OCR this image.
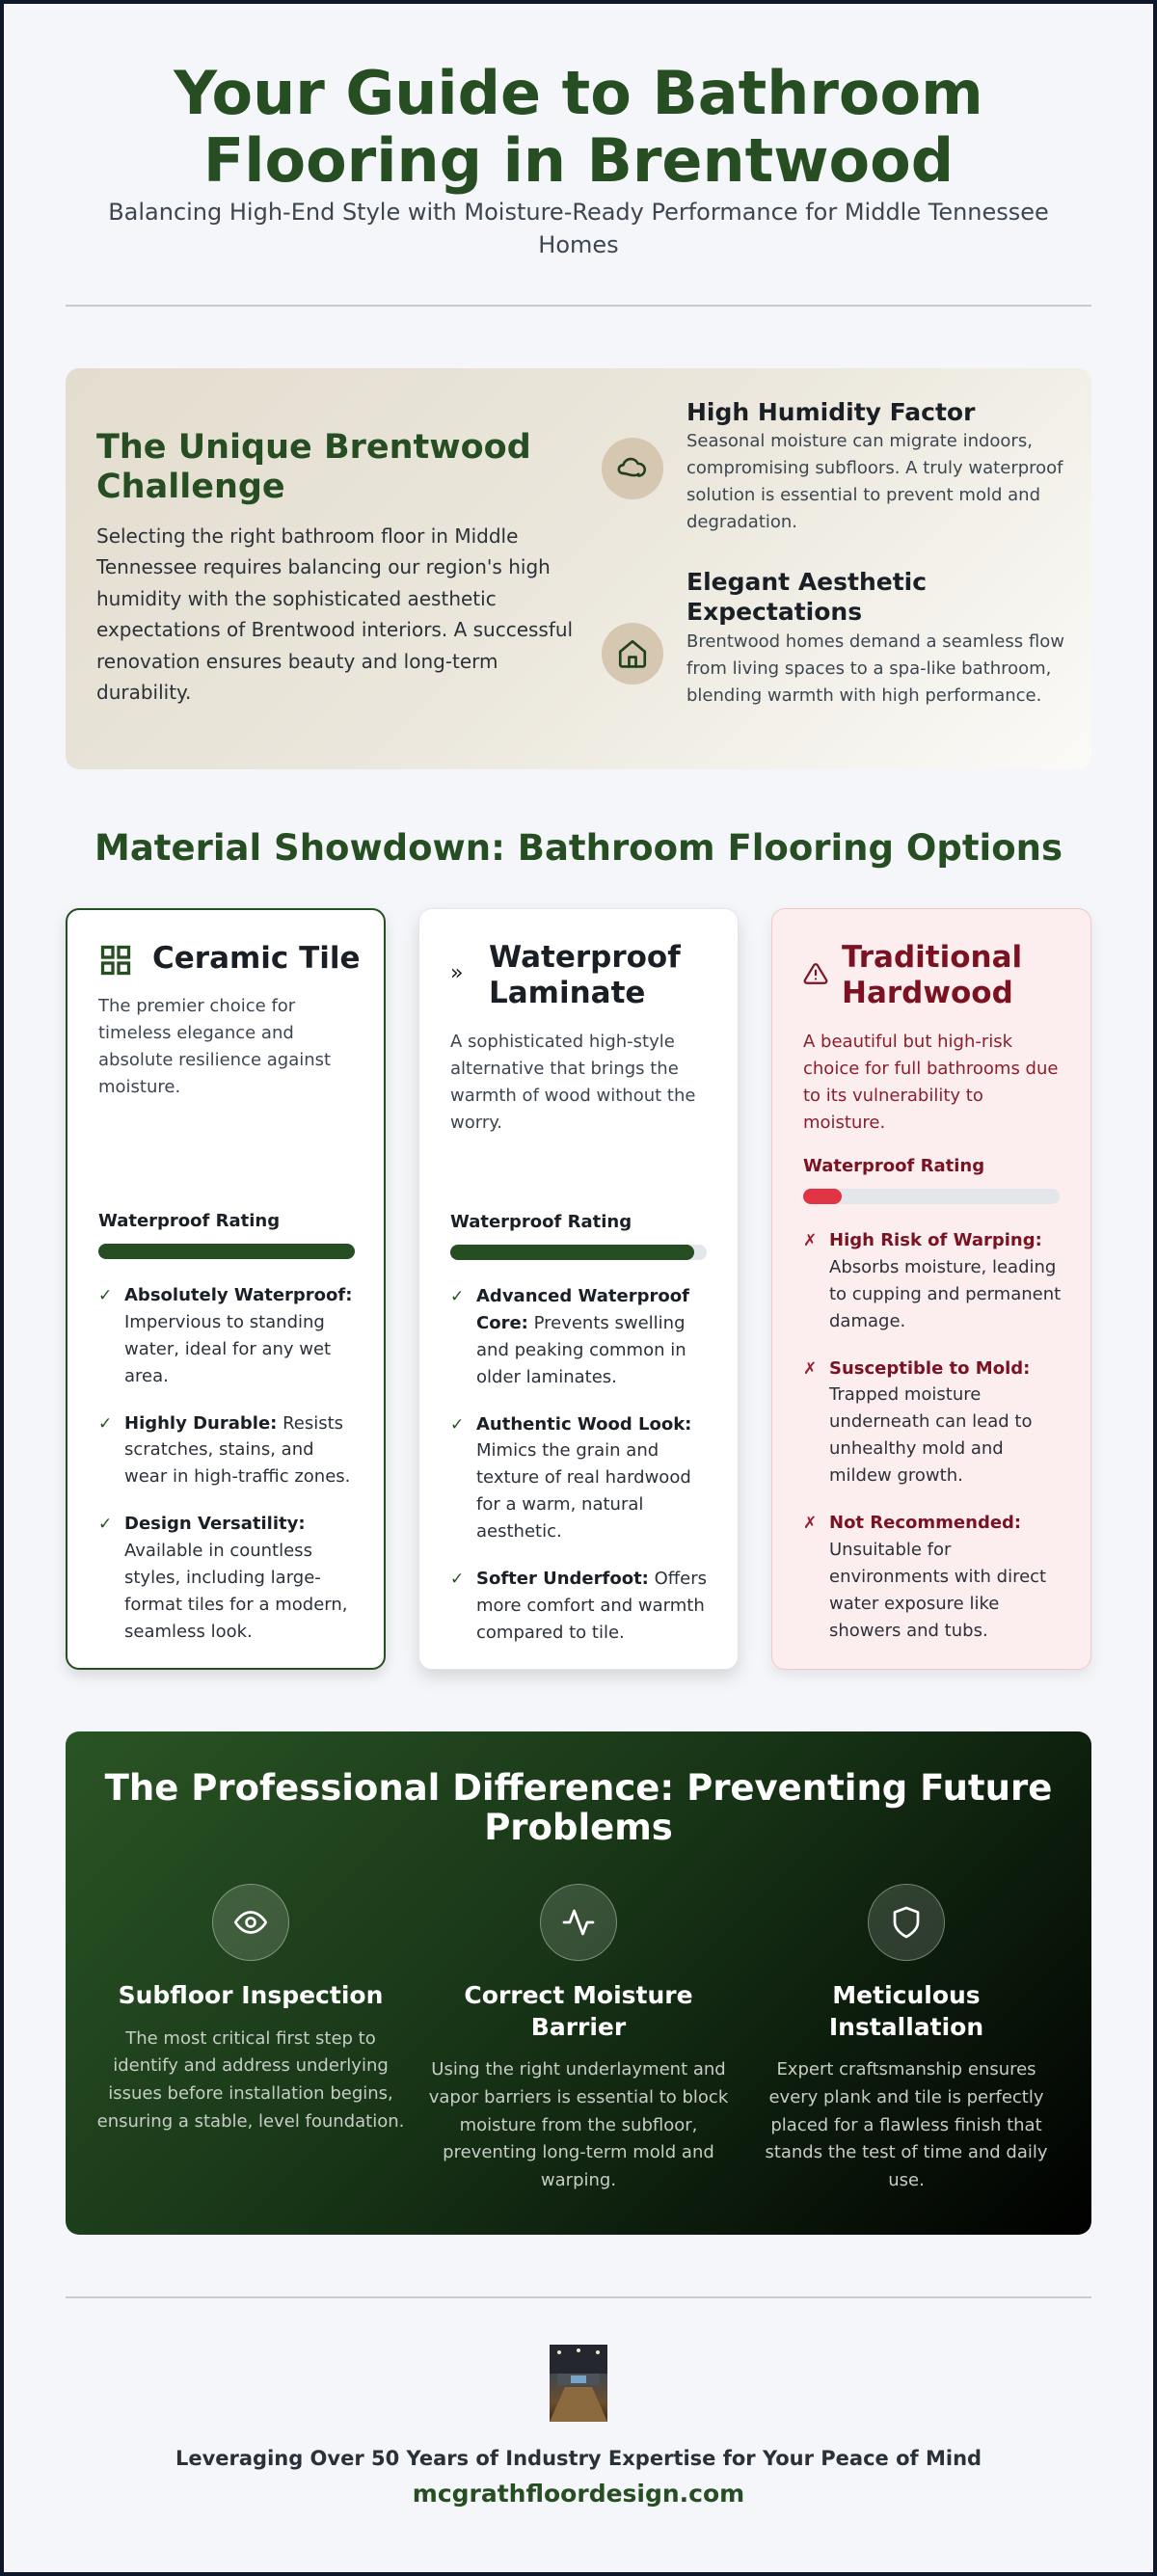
Your Guide to Bathroom
Flooring in Brentwood

Balancing High-End Style with Moisture-Ready Performance for Middle Tennessee Homes

The Unique Brentwood Challenge

Selecting the right bathroom floor in Middle Tennessee requires balancing our region's high humidity with the sophisticated aesthetic expectations of Brentwood interiors. A successful renovation ensures beauty and long-term durability.

High Humidity Factor

Seasonal moisture can migrate indoors, compromising subfloors. A truly waterproof solution is essential to prevent mold and degradation.

Elegant Aesthetic Expectations

Brentwood homes demand a seamless flow from living spaces to a spa-like bathroom, blending warmth with high performance.

Material Showdown: Bathroom Flooring Options
Ceramic Tile

The premier choice for timeless elegance and absolute resilience against moisture.

Waterproof Rating
✓ Absolutely Waterproof: Impervious to standing water, ideal for any wet area.
✓ Highly Durable: Resists scratches, stains, and wear in high-traffic zones.
✓ Design Versatility: Available in countless styles, including large-format tiles for a modern, seamless look.
» Waterproof Laminate

A sophisticated high-style alternative that brings the warmth of wood without the worry.

Waterproof Rating
✓ Advanced Waterproof Core: Prevents swelling and peaking common in older laminates.
✓ Authentic Wood Look: Mimics the grain and texture of real hardwood for a warm, natural aesthetic.
✓ Softer Underfoot: Offers more comfort and warmth compared to tile.
Traditional Hardwood

A beautiful but high-risk choice for full bathrooms due to its vulnerability to moisture.

Waterproof Rating
✗ High Risk of Warping: Absorbs moisture, leading to cupping and permanent damage.
✗ Susceptible to Mold: Trapped moisture underneath can lead to unhealthy mold and mildew growth.
✗ Not Recommended: Unsuitable for environments with direct water exposure like showers and tubs.
The Professional Difference: Preventing Future Problems
Subfloor Inspection

The most critical first step to identify and address underlying issues before installation begins, ensuring a stable, level foundation.

Correct Moisture Barrier

Using the right underlayment and vapor barriers is essential to block moisture from the subfloor, preventing long-term mold and warping.

Meticulous Installation

Expert craftsmanship ensures every plank and tile is perfectly placed for a flawless finish that stands the test of time and daily use.

Leveraging Over 50 Years of Industry Expertise for Your Peace of Mind

mcgrathfloordesign.com
